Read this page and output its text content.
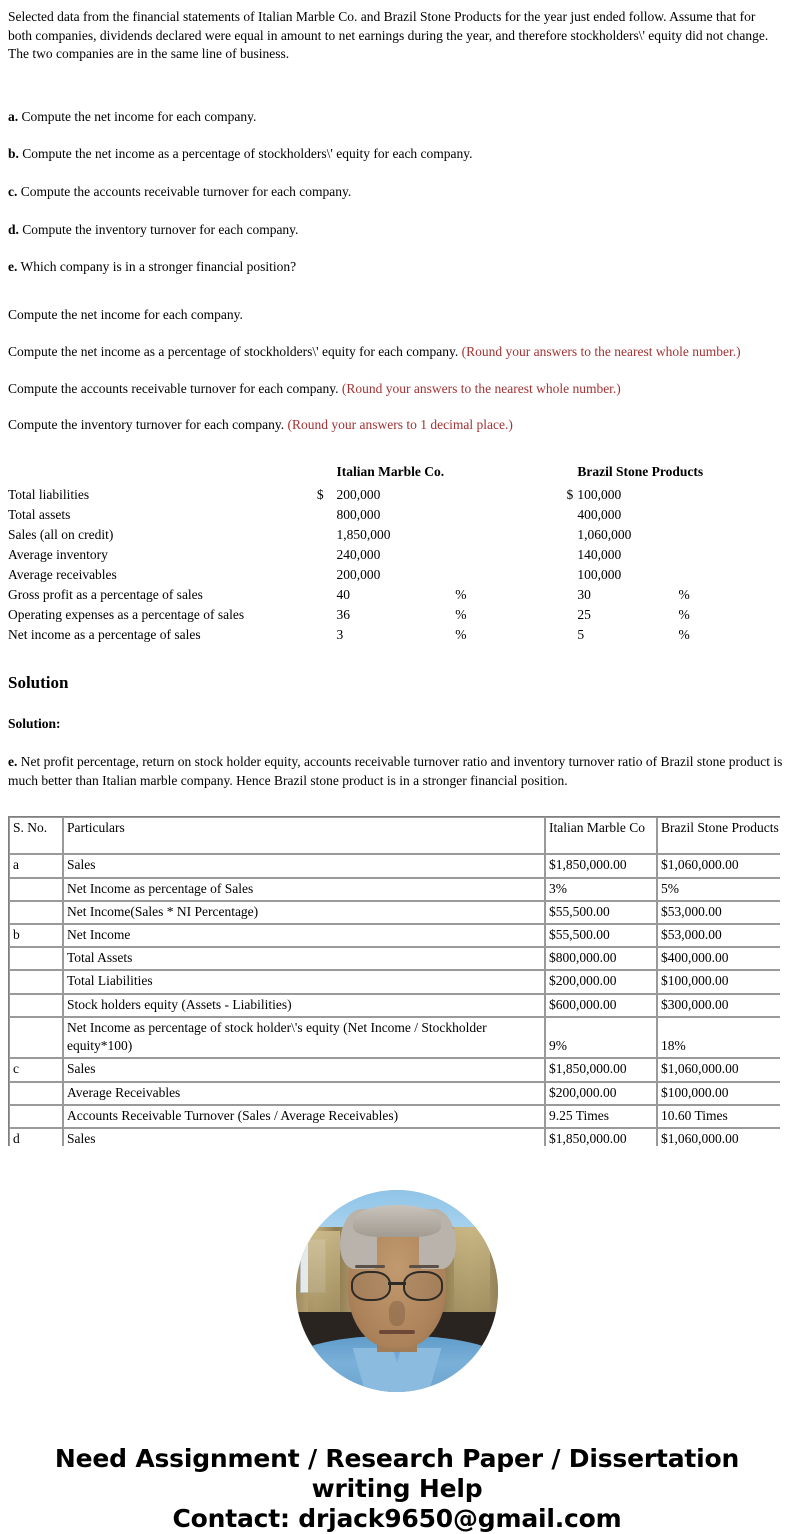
Selected data from the financial statements of Italian Marble Co. and Brazil Stone Products for the year just ended follow. Assume that for both companies, dividends declared were equal in amount to net earnings during the year, and therefore stockholders\' equity did not change. The two companies are in the same line of business.

a. Compute the net income for each company.

b. Compute the net income as a percentage of stockholders\' equity for each company.

c. Compute the accounts receivable turnover for each company.

d. Compute the inventory turnover for each company.

e. Which company is in a stronger financial position?

Compute the net income for each company.

Compute the net income as a percentage of stockholders\' equity for each company. (Round your answers to the nearest whole number.)

Compute the accounts receivable turnover for each company. (Round your answers to the nearest whole number.)

Compute the inventory turnover for each company. (Round your answers to 1 decimal place.)

		Italian Marble Co.			Brazil Stone Products	
Total liabilities	$	200,000		$	100,000	
Total assets		800,000			400,000	
Sales (all on credit)		1,850,000			1,060,000	
Average inventory		240,000			140,000	
Average receivables		200,000			100,000	
Gross profit as a percentage of sales		40	%		30	%
Operating expenses as a percentage of sales		36	%		25	%
Net income as a percentage of sales		3	%		5	%
Solution

Solution:

e. Net profit percentage, return on stock holder equity, accounts receivable turnover ratio and inventory turnover ratio of Brazil stone product is much better than Italian marble company. Hence Brazil stone product is in a stronger financial position.

S. No.	Particulars	Italian Marble Co	Brazil Stone Products
a	Sales	$1,850,000.00	$1,060,000.00
	Net Income as percentage of Sales	3%	5%
	Net Income(Sales * NI Percentage)	$55,500.00	$53,000.00
b	Net Income	$55,500.00	$53,000.00
	Total Assets	$800,000.00	$400,000.00
	Total Liabilities	$200,000.00	$100,000.00
	Stock holders equity (Assets - Liabilities)	$600,000.00	$300,000.00
	Net Income as percentage of stock holder\'s equity (Net Income / Stockholder equity*100)	9%	18%
c	Sales	$1,850,000.00	$1,060,000.00
	Average Receivables	$200,000.00	$100,000.00
	Accounts Receivable Turnover (Sales / Average Receivables)	9.25 Times	10.60 Times
d	Sales	$1,850,000.00	$1,060,000.00

Need Assignment / Research Paper / Dissertation
writing Help
Contact: drjack9650@gmail.com
